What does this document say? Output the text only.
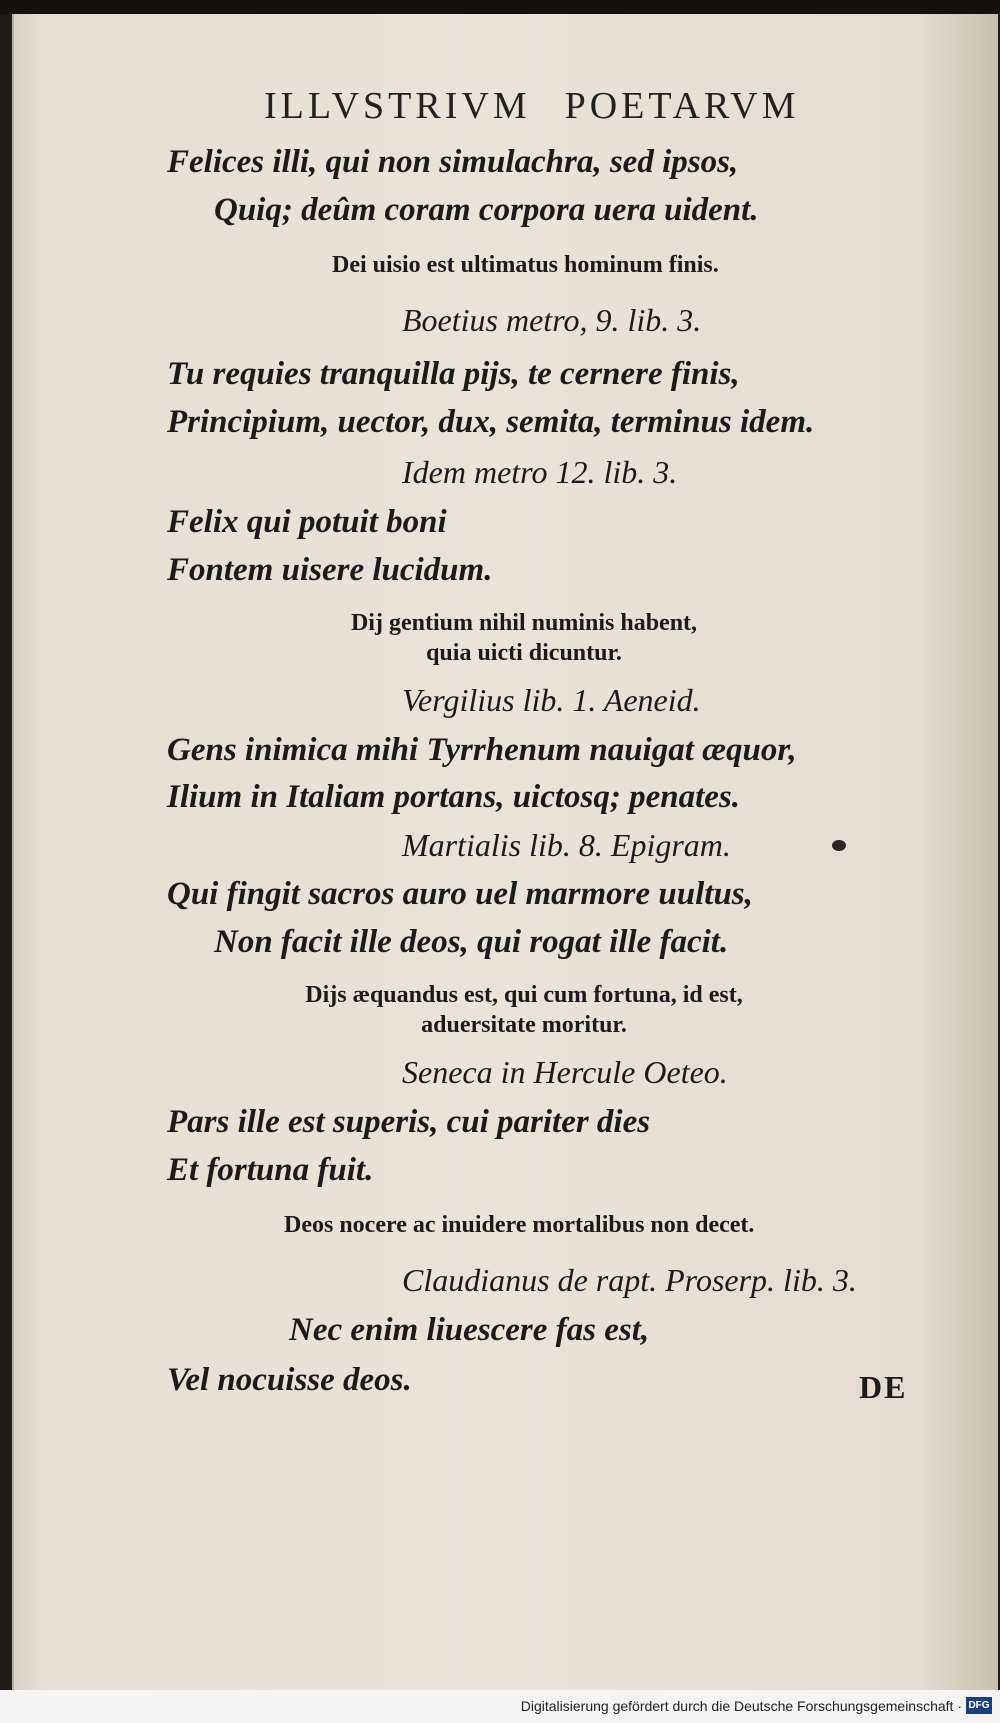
ILLVSTRIVM POETARVM
Felices illi, qui non simulachra, sed ipsos,
Quiq; deûm coram corpora uera uident.
Dei uisio est ultimatus hominum finis.
Boetius metro, 9. lib. 3.
Tu requies tranquilla pijs, te cernere finis,
Principium, uector, dux, semita, terminus idem.
Idem metro 12. lib. 3.
Felix qui potuit boni
Fontem uisere lucidum.
Dij gentium nihil numinis habent,
quia uicti dicuntur.
Vergilius lib. 1. Aeneid.
Gens inimica mihi Tyrrhenum nauigat æquor,
Ilium in Italiam portans, uictosq; penates.
Martialis lib. 8. Epigram.
Qui fingit sacros auro uel marmore uultus,
Non facit ille deos, qui rogat ille facit.
Dijs æquandus est, qui cum fortuna, id est,
aduersitate moritur.
Seneca in Hercule Oeteo.
Pars ille est superis, cui pariter dies
Et fortuna fuit.
Deos nocere ac inuidere mortalibus non decet.
Claudianus de rapt. Proserp. lib. 3.
Nec enim liuescere fas est,
Vel nocuisse deos.	DE
Digitalisierung gefördert durch die Deutsche Forschungsgemeinschaft · DFG
